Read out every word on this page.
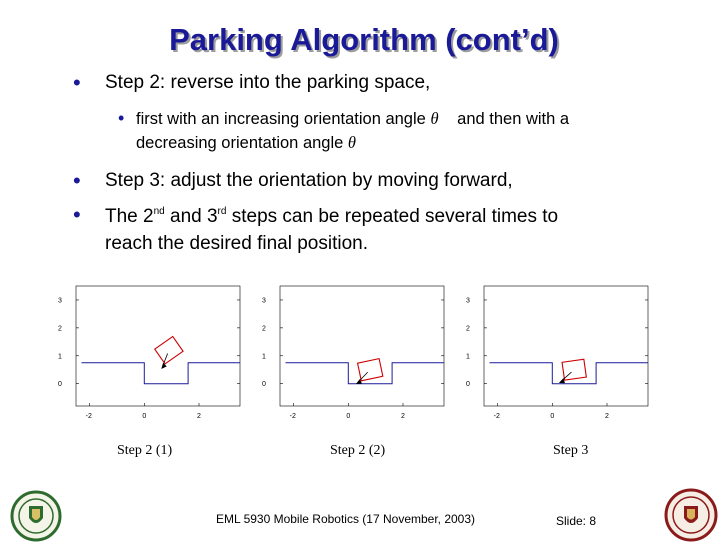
Parking Algorithm (cont’d)
• Step 2: reverse into the parking space,
• first with an increasing orientation angle θ and then with a
decreasing orientation angle θ
• Step 3: adjust the orientation by moving forward,
• The 2nd and 3rd steps can be repeated several times to
reach the desired final position.
0
1
2
3
-2	0	2
0
1
2
3
-2	0	2
0
1
2
3
-2	0	2
Step 2 (1)	Step 2 (2)	Step 3
EML 5930 Mobile Robotics (17 November, 2003)	Slide: 8
